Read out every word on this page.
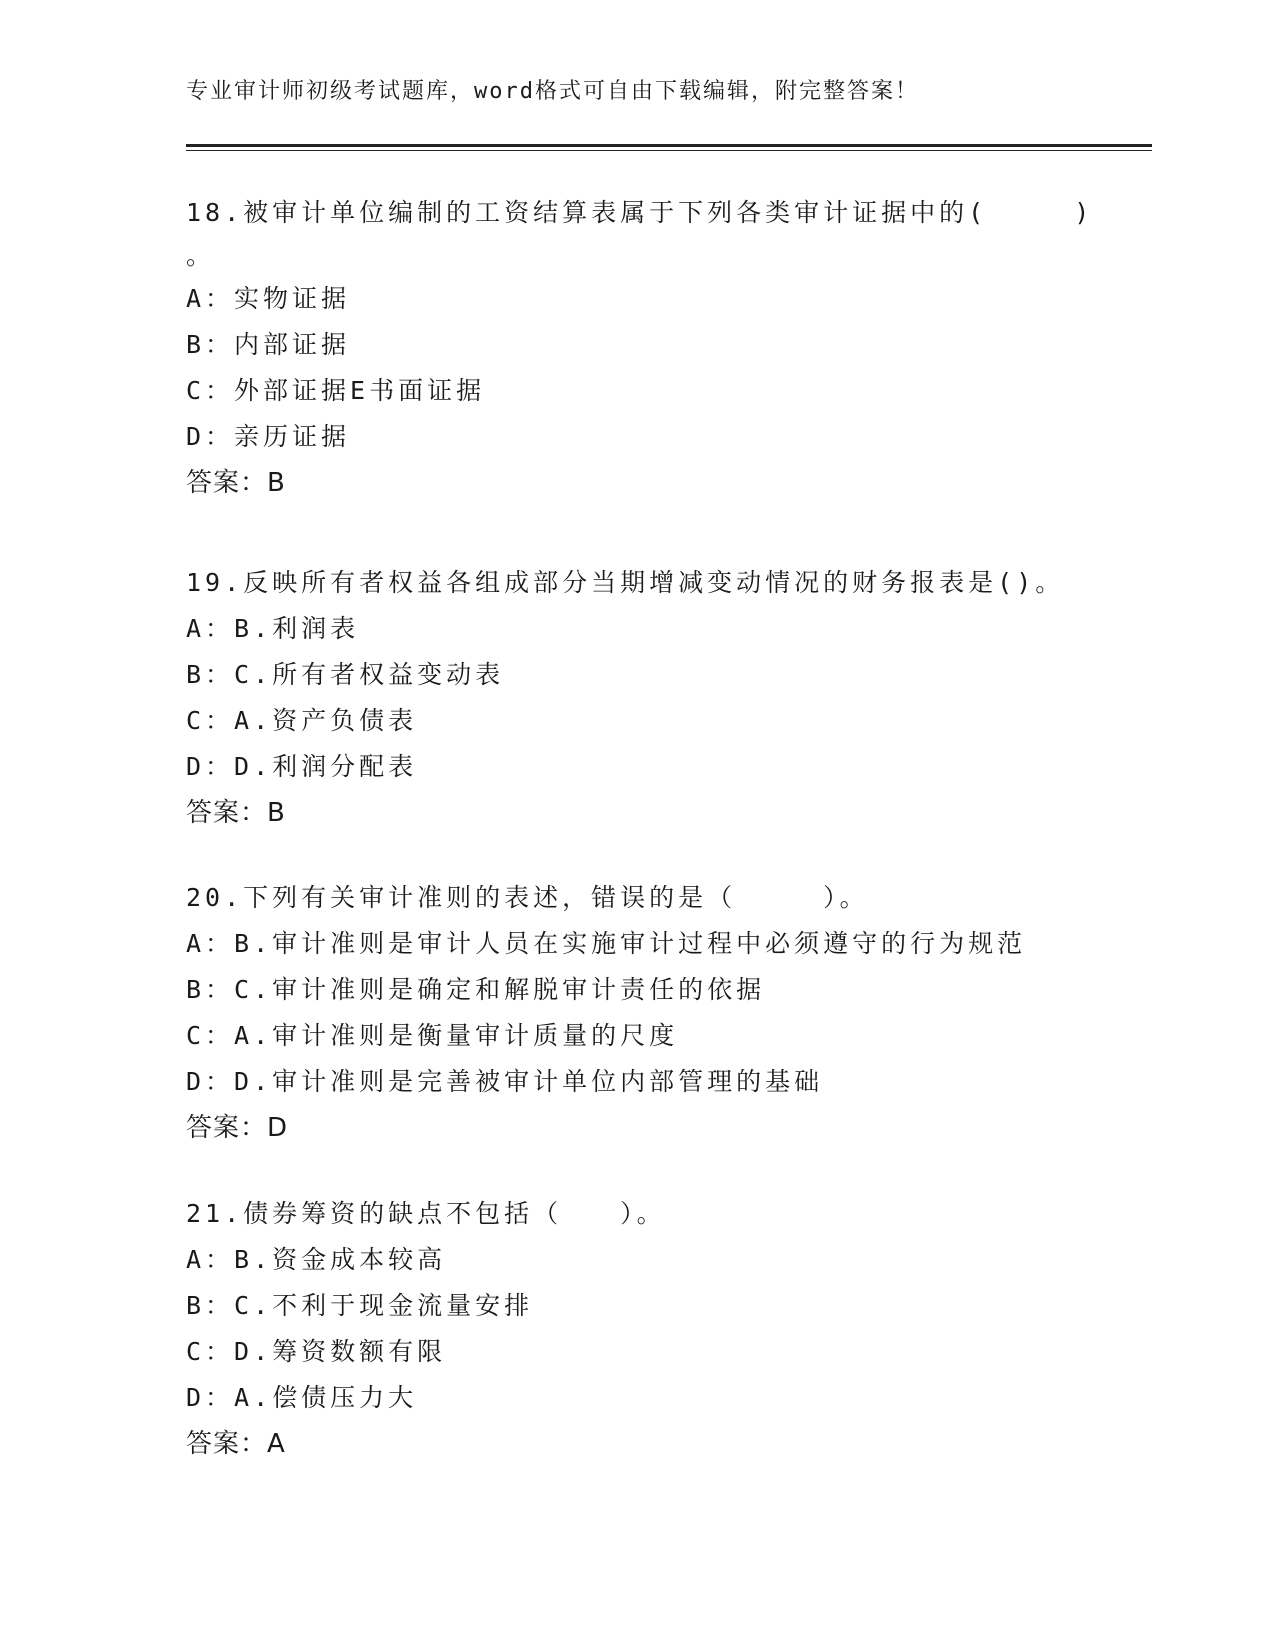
专业审计师初级考试题库，word格式可自由下载编辑，附完整答案！
18.被审计单位编制的工资结算表属于下列各类审计证据中的(　　　)
。
A：实物证据
B：内部证据
C：外部证据E书面证据
D：亲历证据
答案：B
19.反映所有者权益各组成部分当期增减变动情况的财务报表是()。
A：B.利润表
B：C.所有者权益变动表
C：A.资产负债表
D：D.利润分配表
答案：B
20.下列有关审计准则的表述，错误的是（　　　）。
A：B.审计准则是审计人员在实施审计过程中必须遵守的行为规范
B：C.审计准则是确定和解脱审计责任的依据
C：A.审计准则是衡量审计质量的尺度
D：D.审计准则是完善被审计单位内部管理的基础
答案：D
21.债券筹资的缺点不包括（　　）。
A：B.资金成本较高
B：C.不利于现金流量安排
C：D.筹资数额有限
D：A.偿债压力大
答案：A
